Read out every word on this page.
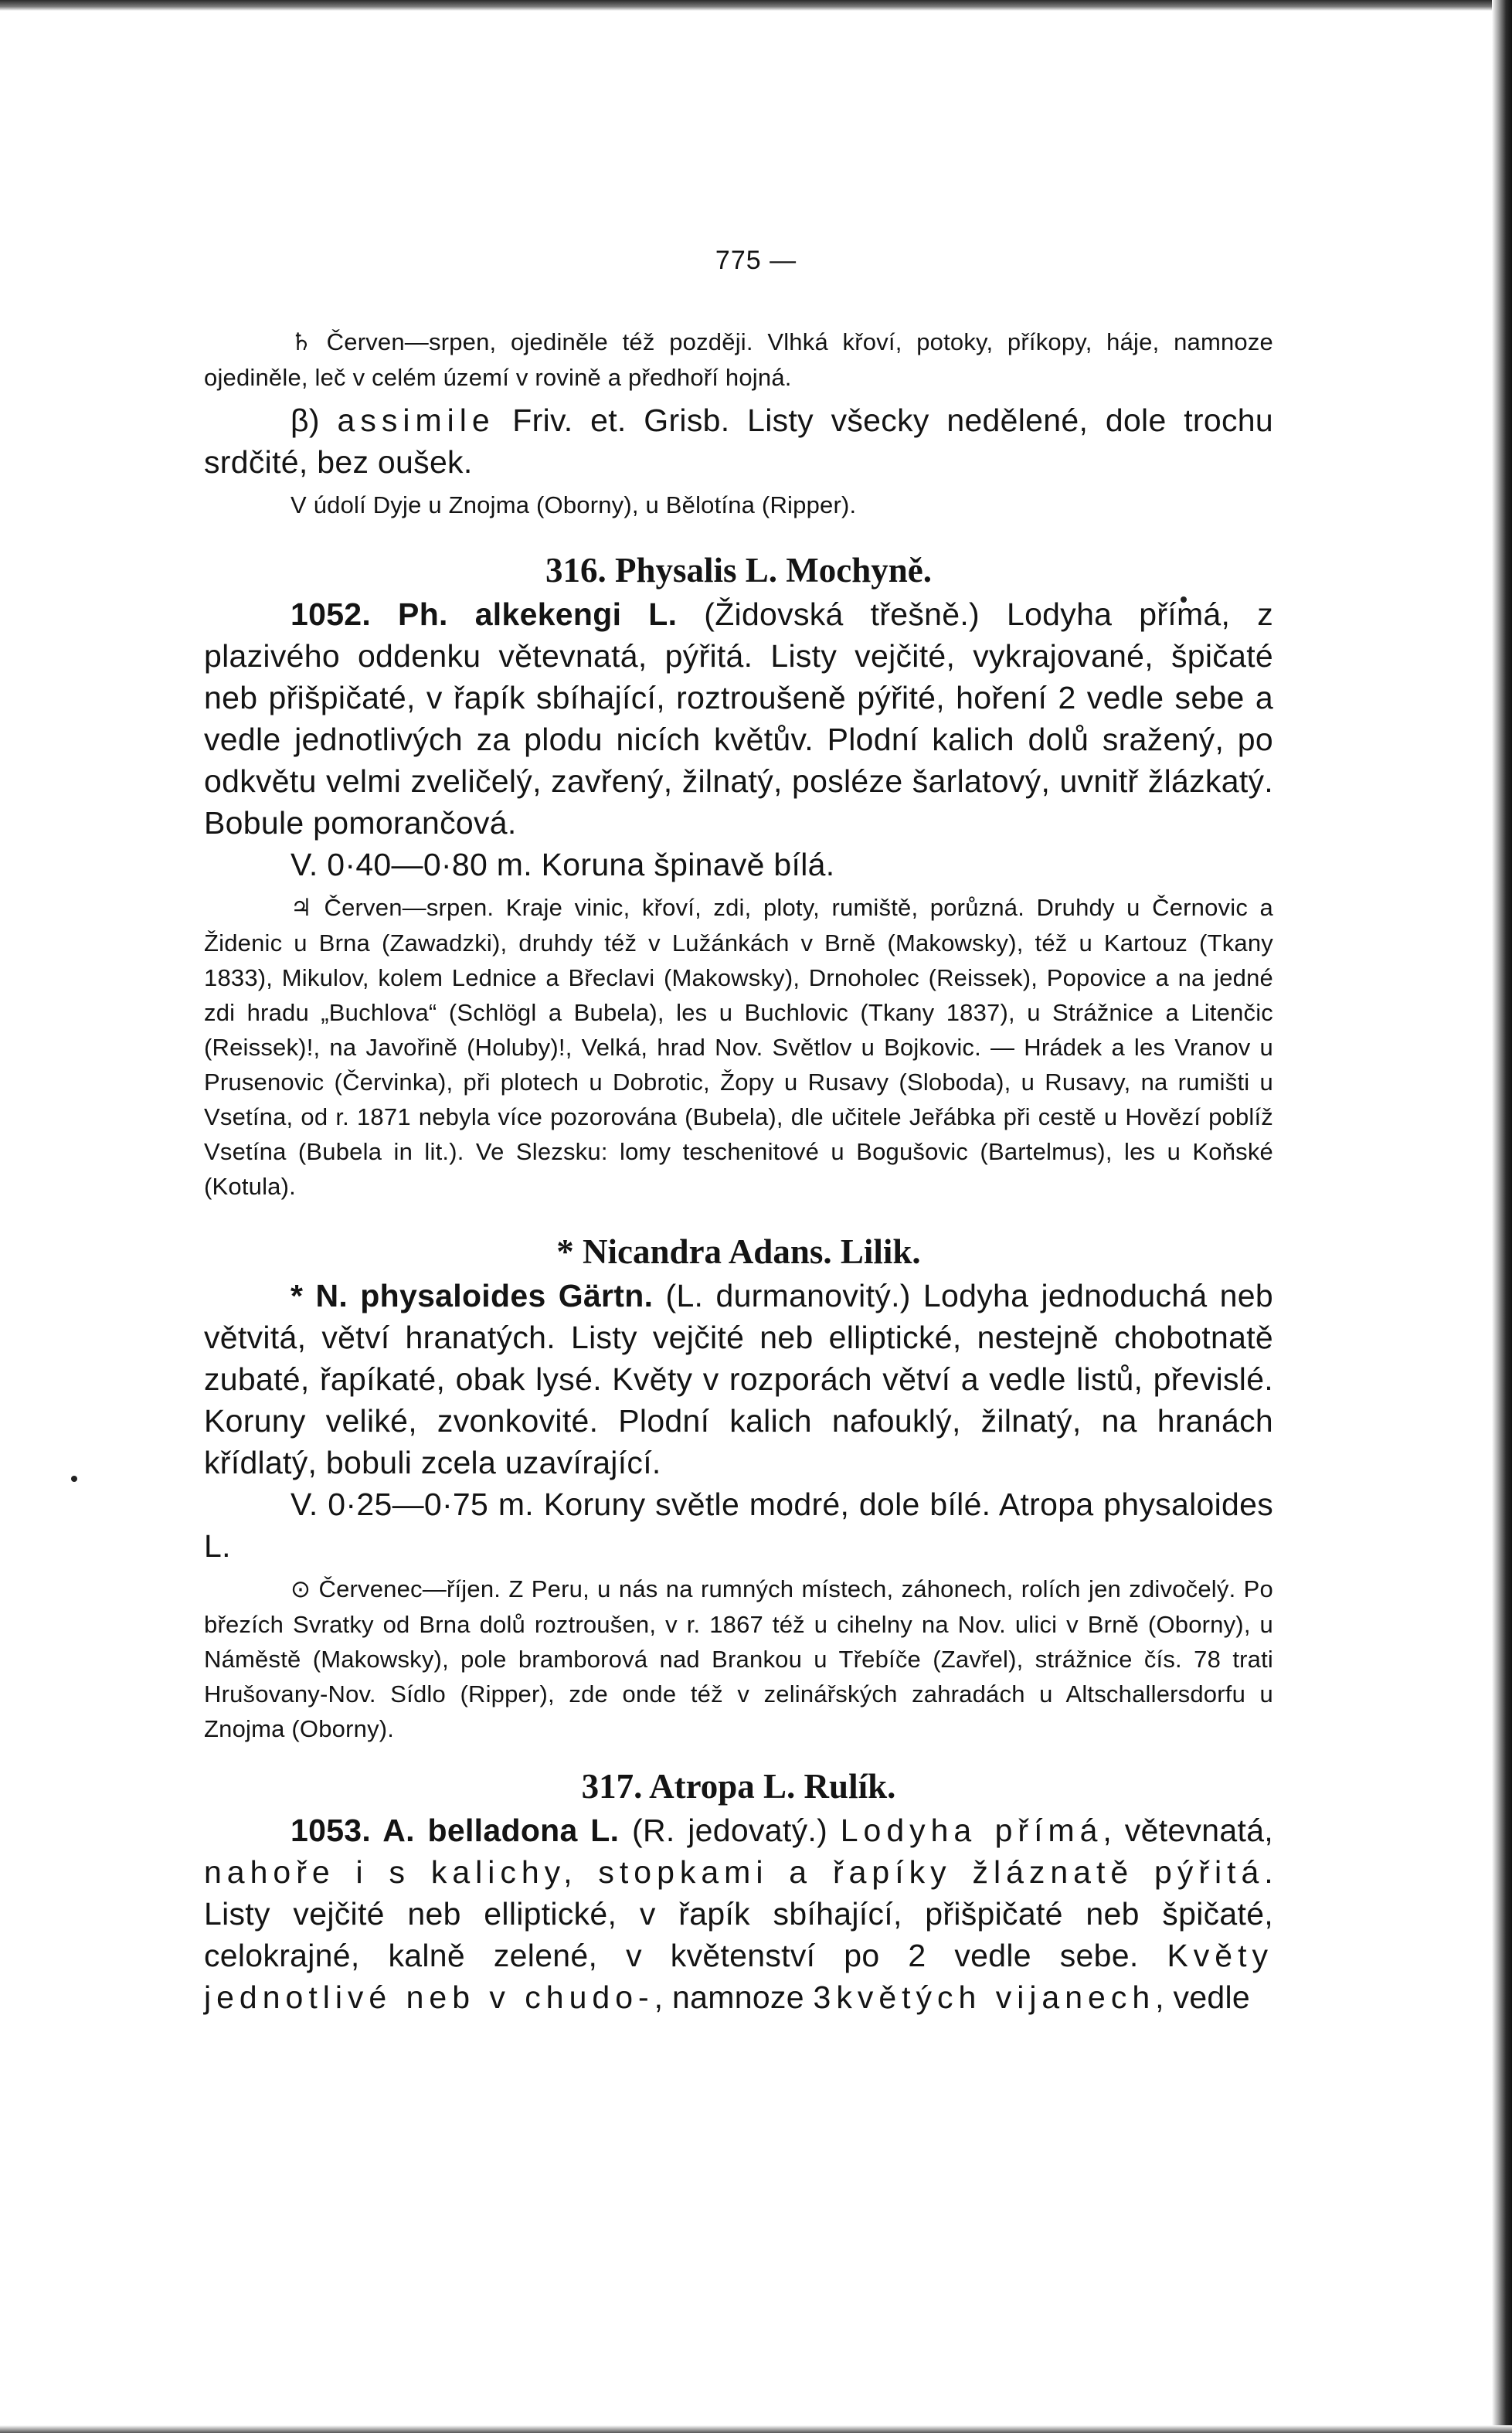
775 —

♄ Červen—srpen, ojediněle též později. Vlhká křoví, potoky, příkopy, háje, namnoze ojediněle, leč v celém území v rovině a předhoří hojná.

β) assimile Friv. et. Grisb. Listy všecky nedělené, dole trochu srdčité, bez oušek.

V údolí Dyje u Znojma (Oborny), u Bělotína (Ripper).

316. Physalis L. Mochyně.

1052. Ph. alkekengi L. (Židovská třešně.) Lodyha přímá, z plazivého oddenku větevnatá, pýřitá. Listy vejčité, vykrajované, špičaté neb přišpičaté, v řapík sbíhající, roztroušeně pýřité, hoření 2 vedle sebe a vedle jednotlivých za plodu nicích květův. Plodní kalich dolů sražený, po odkvětu velmi zveličelý, zavřený, žilnatý, posléze šarlatový, uvnitř žlázkatý. Bobule pomorančová.

V. 0·40—0·80 m. Koruna špinavě bílá.

♃ Červen—srpen. Kraje vinic, křoví, zdi, ploty, rumiště, porůzná. Druhdy u Černovic a Židenic u Brna (Zawadzki), druhdy též v Lužánkách v Brně (Makowsky), též u Kartouz (Tkany 1833), Mikulov, kolem Lednice a Břeclavi (Makowsky), Drnoholec (Reissek), Popovice a na jedné zdi hradu „Buchlova“ (Schlögl a Bubela), les u Buchlovic (Tkany 1837), u Strážnice a Litenčic (Reissek)!, na Javořině (Holuby)!, Velká, hrad Nov. Světlov u Bojkovic. — Hrádek a les Vranov u Prusenovic (Červinka), při plotech u Dobrotic, Žopy u Rusavy (Sloboda), u Rusavy, na rumišti u Vsetína, od r. 1871 nebyla více pozorována (Bubela), dle učitele Jeřábka při cestě u Hovězí poblíž Vsetína (Bubela in lit.). Ve Slezsku: lomy teschenitové u Bogušovic (Bartelmus), les u Koňské (Kotula).

* Nicandra Adans. Lilik.

* N. physaloides Gärtn. (L. durmanovitý.) Lodyha jednoduchá neb větvitá, větví hranatých. Listy vejčité neb elliptické, nestejně chobotnatě zubaté, řapíkaté, obak lysé. Květy v rozporách větví a vedle listů, převislé. Koruny veliké, zvonkovité. Plodní kalich nafouklý, žilnatý, na hranách křídlatý, bobuli zcela uzavírající.

V. 0·25—0·75 m. Koruny světle modré, dole bílé. Atropa physaloides L.

⊙ Červenec—říjen. Z Peru, u nás na rumných místech, záhonech, rolích jen zdivočelý. Po březích Svratky od Brna dolů roztroušen, v r. 1867 též u cihelny na Nov. ulici v Brně (Oborny), u Náměstě (Makowsky), pole bramborová nad Brankou u Třebíče (Zavřel), strážnice čís. 78 trati Hrušovany-Nov. Sídlo (Ripper), zde onde též v zelinářských zahradách u Altschallersdorfu u Znojma (Oborny).

317. Atropa L. Rulík.

1053. A. belladona L. (R. jedovatý.) Lodyha přímá, větevnatá, nahoře i s kalichy, stopkami a řapíky žláznatě pýřitá. Listy vejčité neb elliptické, v řapík sbíhající, přišpičaté neb špičaté, celokrajné, kalně zelené, v květenství po 2 vedle sebe. Květy jednotlivé neb v chudo-, namnoze 3květých vijanech, vedle
